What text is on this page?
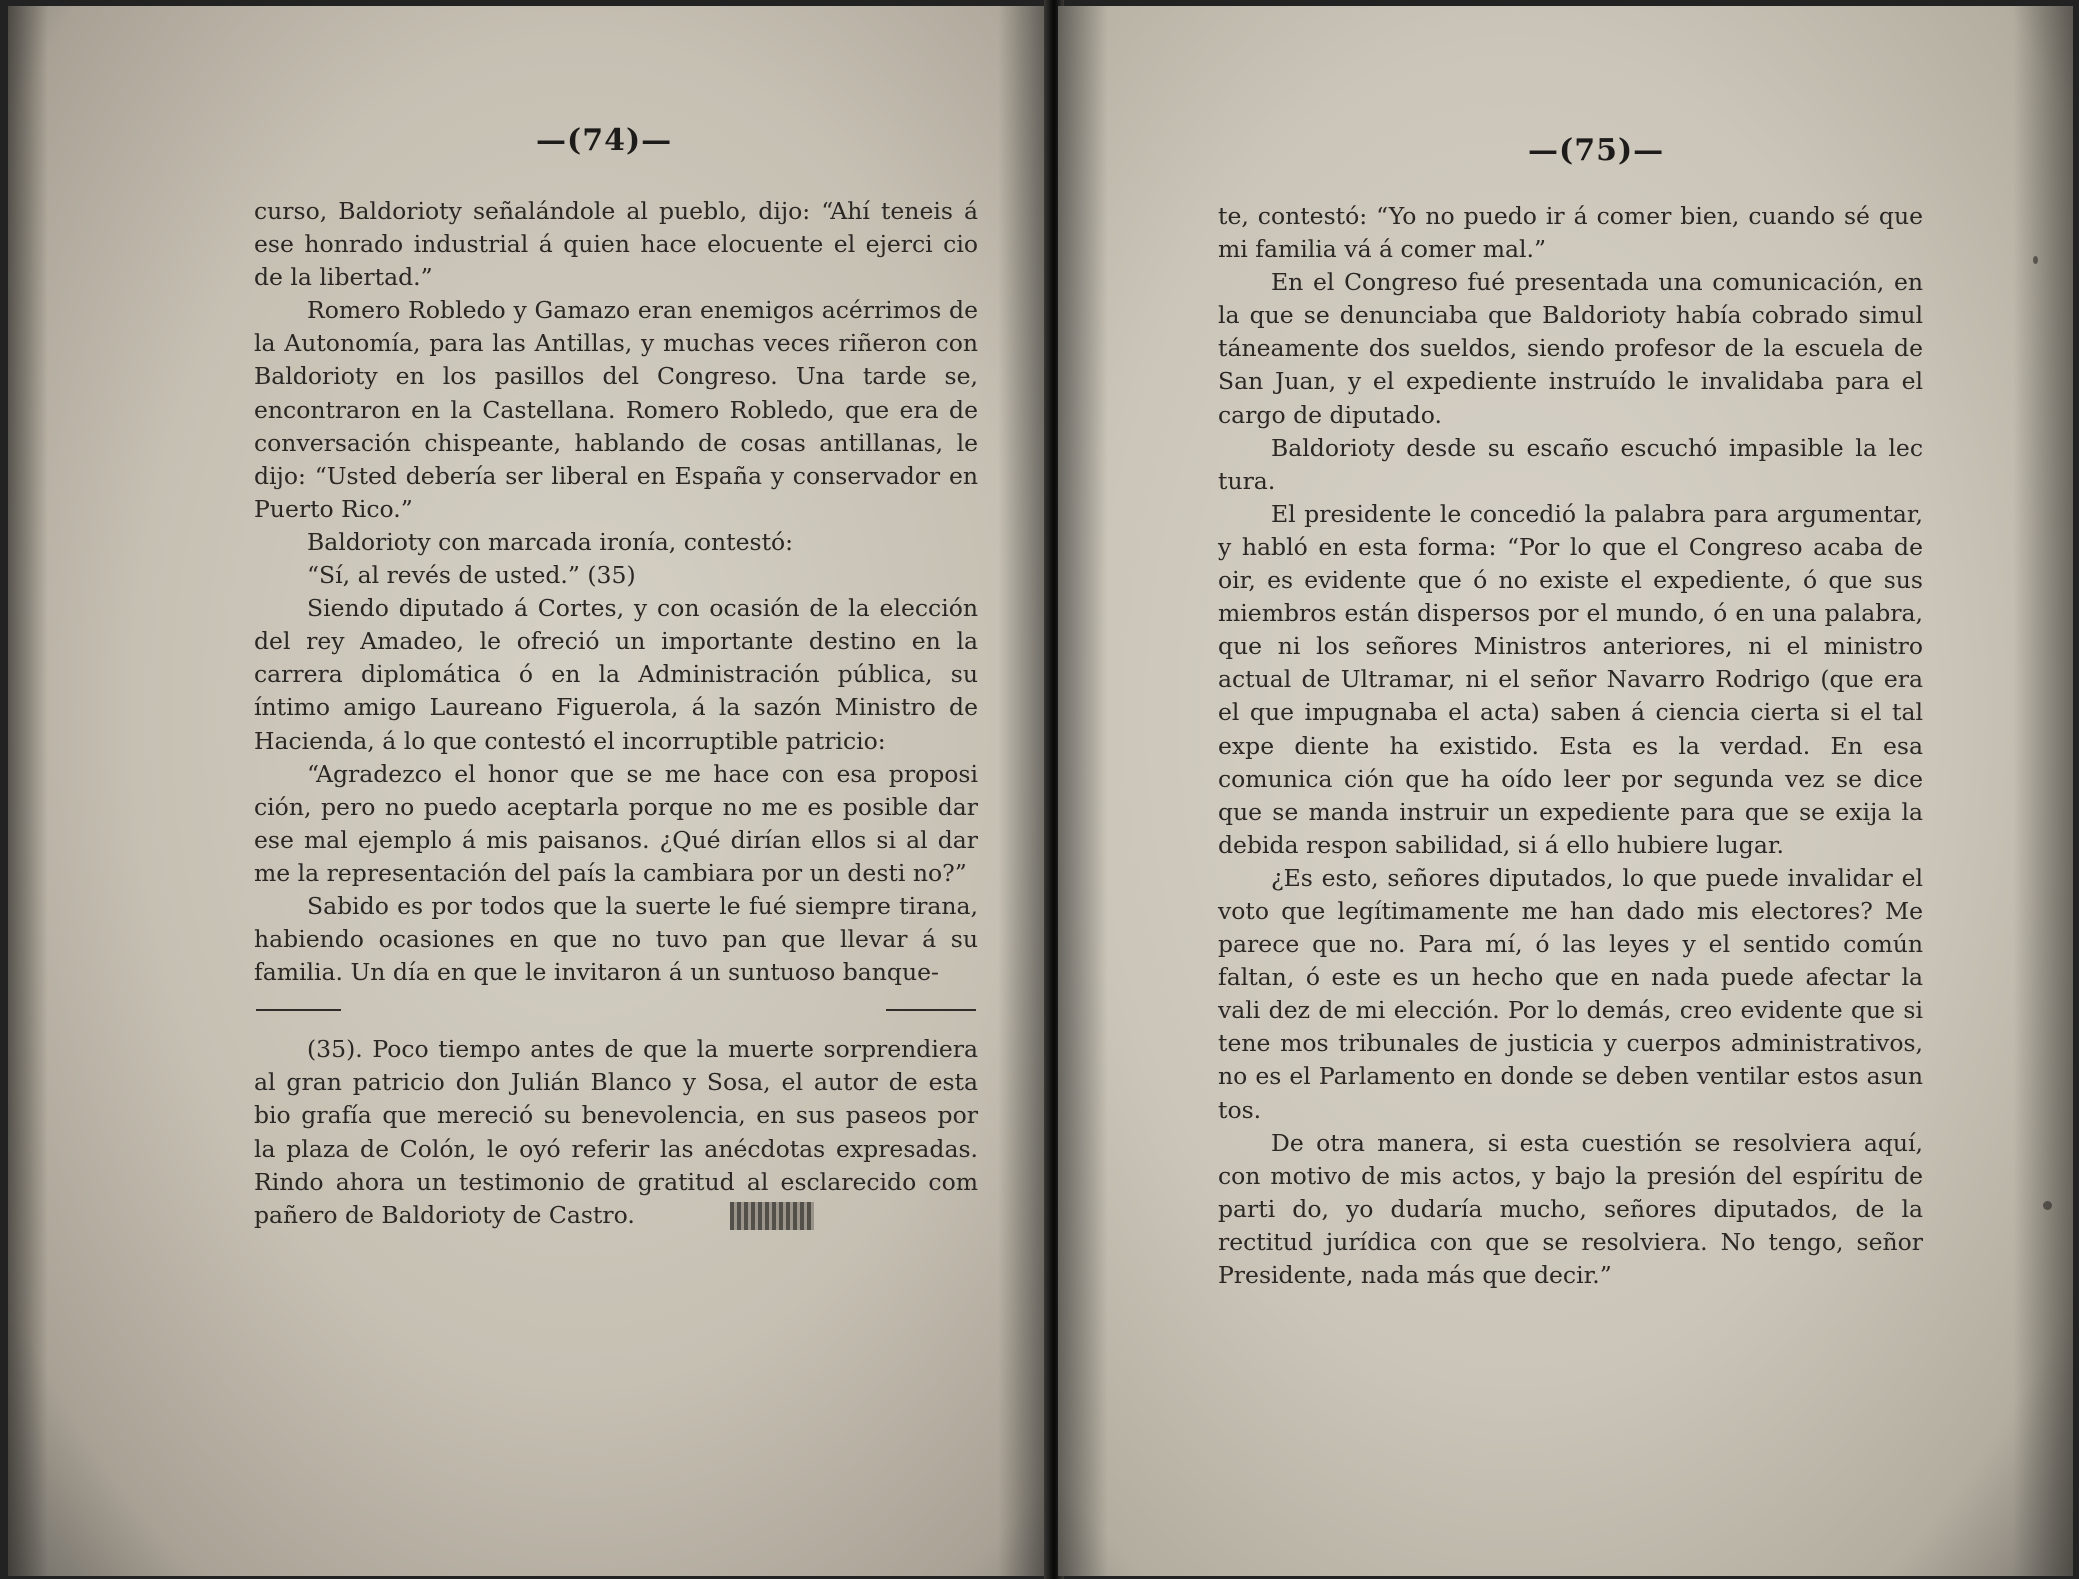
—(74)—

curso, Baldorioty señalándole al pueblo, dijo: “Ahí teneis á ese honrado industrial á quien hace elocuente el ejerci cio de la libertad.”

Romero Robledo y Gamazo eran enemigos acérrimos de la Autonomía, para las Antillas, y muchas veces riñeron con Baldorioty en los pasillos del Congreso. Una tarde se, encontraron en la Castellana. Romero Robledo, que era de conversación chispeante, hablando de cosas antillanas, le dijo: “Usted debería ser liberal en España y conservador en Puerto Rico.”

Baldorioty con marcada ironía, contestó:

“Sí, al revés de usted.” (35)

Siendo diputado á Cortes, y con ocasión de la elección del rey Amadeo, le ofreció un importante destino en la carrera diplomática ó en la Administración pública, su íntimo amigo Laureano Figuerola, á la sazón Ministro de Hacienda, á lo que contestó el incorruptible patricio:

“Agradezco el honor que se me hace con esa proposi ción, pero no puedo aceptarla porque no me es posible dar ese mal ejemplo á mis paisanos. ¿Qué dirían ellos si al dar me la representación del país la cambiara por un desti no?”

Sabido es por todos que la suerte le fué siempre tirana, habiendo ocasiones en que no tuvo pan que llevar á su familia. Un día en que le invitaron á un suntuoso banque-

(35). Poco tiempo antes de que la muerte sorprendiera al gran patricio don Julián Blanco y Sosa, el autor de esta bio grafía que mereció su benevolencia, en sus paseos por la plaza de Colón, le oyó referir las anécdotas expresadas. Rindo ahora un testimonio de gratitud al esclarecido com pañero de Baldorioty de Castro.

—(75)—

te, contestó: “Yo no puedo ir á comer bien, cuando sé que mi familia vá á comer mal.”

En el Congreso fué presentada una comunicación, en la que se denunciaba que Baldorioty había cobrado simul táneamente dos sueldos, siendo profesor de la escuela de San Juan, y el expediente instruído le invalidaba para el cargo de diputado.

Baldorioty desde su escaño escuchó impasible la lec tura.

El presidente le concedió la palabra para argumentar, y habló en esta forma: “Por lo que el Congreso acaba de oir, es evidente que ó no existe el expediente, ó que sus miembros están dispersos por el mundo, ó en una palabra, que ni los señores Ministros anteriores, ni el ministro actual de Ultramar, ni el señor Navarro Rodrigo (que era el que impugnaba el acta) saben á ciencia cierta si el tal expe diente ha existido. Esta es la verdad. En esa comunica ción que ha oído leer por segunda vez se dice que se manda instruir un expediente para que se exija la debida respon sabilidad, si á ello hubiere lugar.

¿Es esto, señores diputados, lo que puede invalidar el voto que legítimamente me han dado mis electores? Me parece que no. Para mí, ó las leyes y el sentido común faltan, ó este es un hecho que en nada puede afectar la vali dez de mi elección. Por lo demás, creo evidente que si tene mos tribunales de justicia y cuerpos administrativos, no es el Parlamento en donde se deben ventilar estos asun tos.

De otra manera, si esta cuestión se resolviera aquí, con motivo de mis actos, y bajo la presión del espíritu de parti do, yo dudaría mucho, señores diputados, de la rectitud jurídica con que se resolviera. No tengo, señor Presidente, nada más que decir.”
